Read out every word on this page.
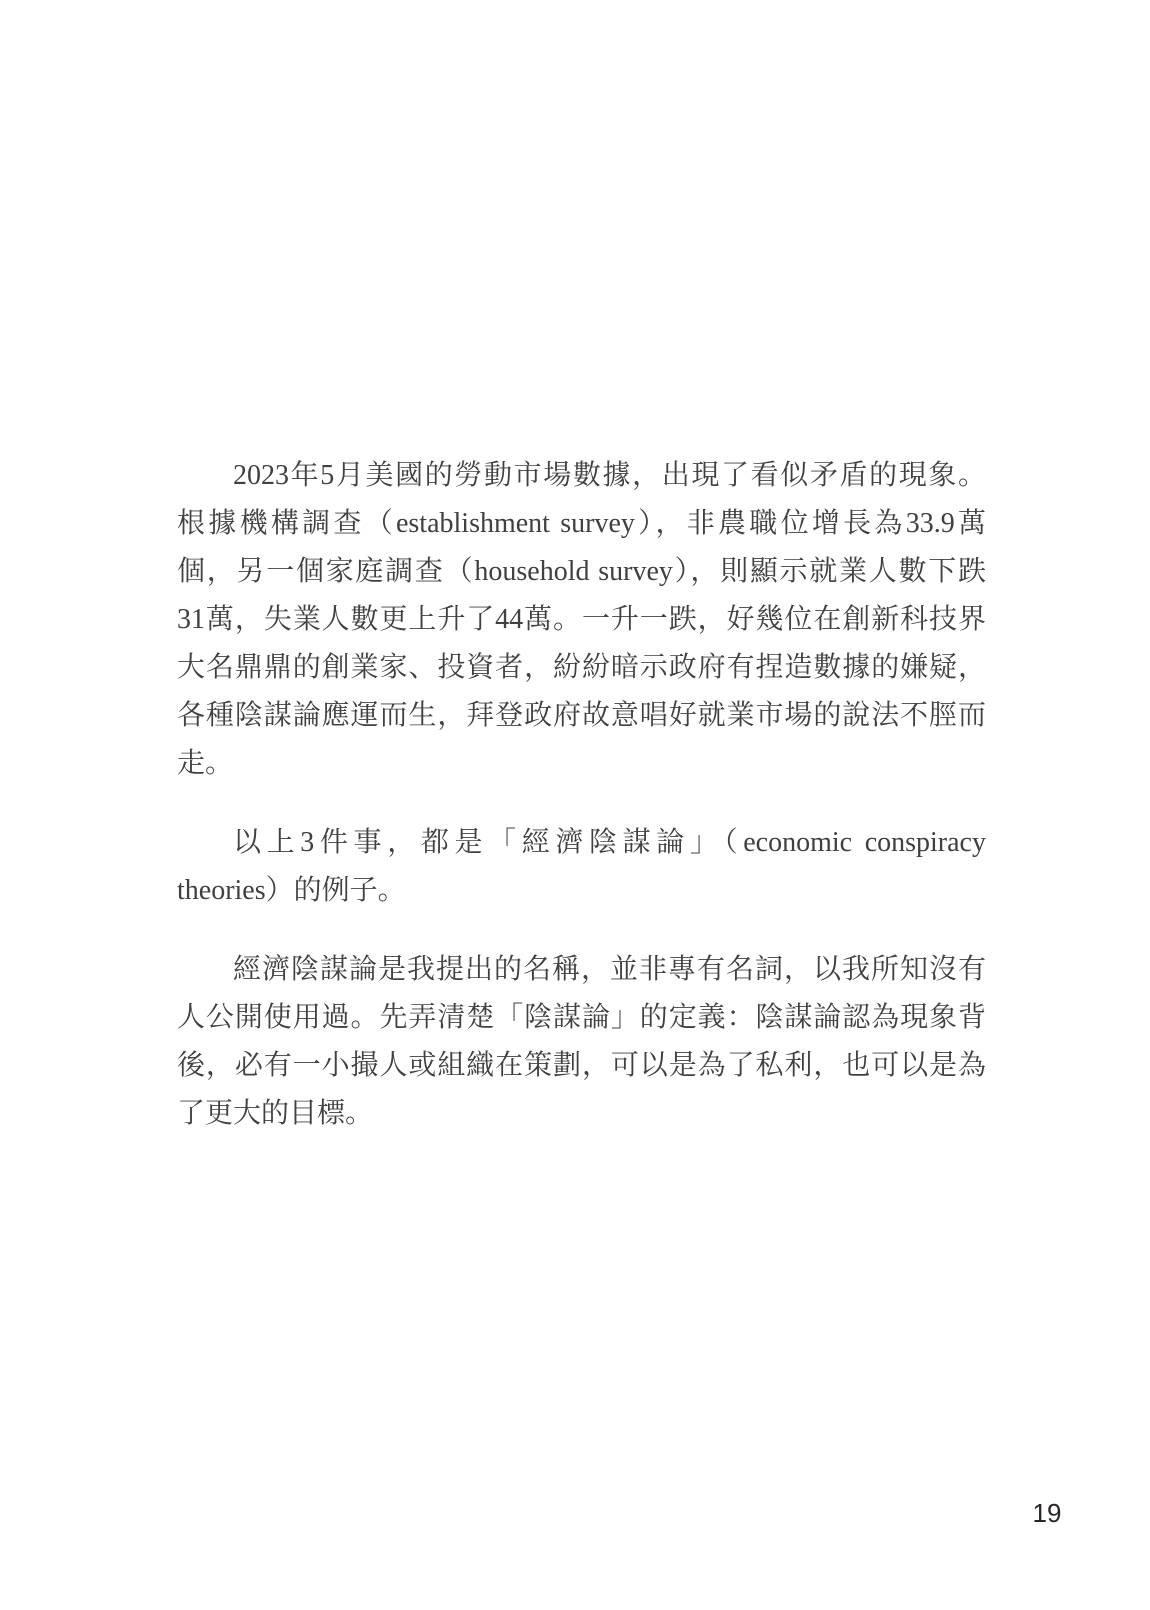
2023年5月美國的勞動市場數據，出現了看似矛盾的現象。
根據機構調查（establishment survey），非農職位增長為33.9萬
個，另一個家庭調查（household survey），則顯示就業人數下跌
31萬，失業人數更上升了44萬。一升一跌，好幾位在創新科技界
大名鼎鼎的創業家、投資者，紛紛暗示政府有捏造數據的嫌疑，
各種陰謀論應運而生，拜登政府故意唱好就業市場的說法不脛而
走。

以上3件事，都是「經濟陰謀論」（economic conspiracy
theories）的例子。

經濟陰謀論是我提出的名稱，並非專有名詞，以我所知沒有
人公開使用過。先弄清楚「陰謀論」的定義：陰謀論認為現象背
後，必有一小撮人或組織在策劃，可以是為了私利，也可以是為
了更大的目標。

19
